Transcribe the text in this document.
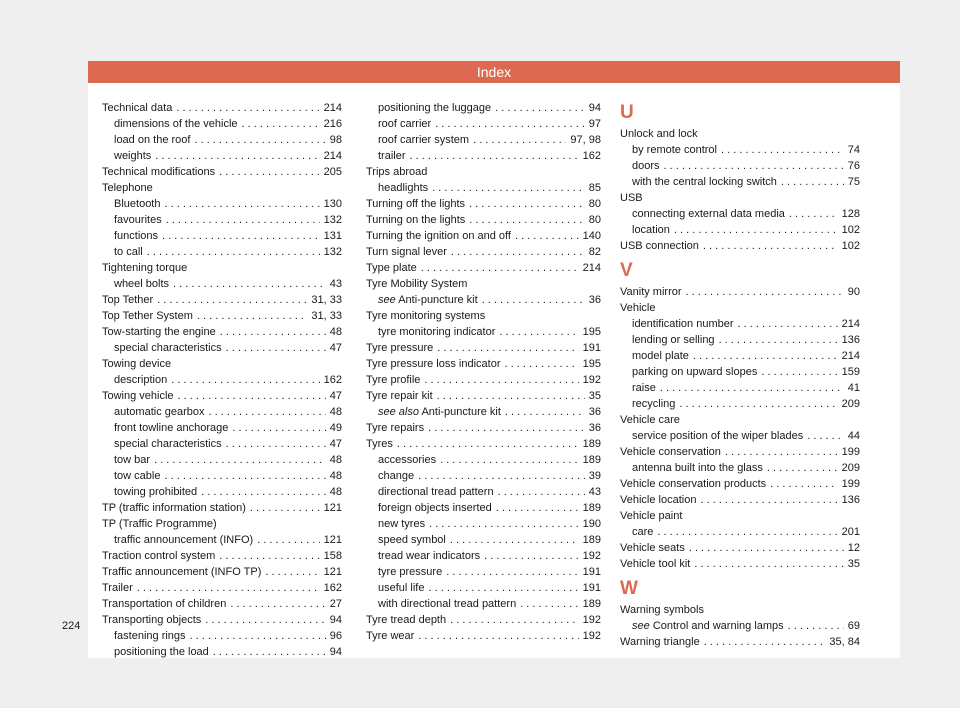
Index
Technical data . . .	214
dimensions of the vehicle . . .	216
load on the roof . . .	98
weights . . .	214
Technical modifications . . .	205
Telephone
Bluetooth . . .	130
favourites . . .	132
functions . . .	131
to call . . .	132
Tightening torque
wheel bolts . . .	43
Top Tether . . .	31, 33
Top Tether System . . .	31, 33
Tow-starting the engine . . .	48
special characteristics . . .	47
Towing device
description . . .	162
Towing vehicle . . .	47
automatic gearbox . . .	48
front towline anchorage . . .	49
special characteristics . . .	47
tow bar . . .	48
tow cable . . .	48
towing prohibited . . .	48
TP (traffic information station) . . .	121
TP (Traffic Programme)
traffic announcement (INFO) . . .	121
Traction control system . . .	158
Traffic announcement (INFO TP) . . .	121
Trailer . . .	162
Transportation of children . . .	27
Transporting objects . . .	94
fastening rings . . .	96
positioning the load . . .	94
positioning the luggage . . .	94
roof carrier . . .	97
roof carrier system . . .	97, 98
trailer . . .	162
Trips abroad
headlights . . .	85
Turning off the lights . . .	80
Turning on the lights . . .	80
Turning the ignition on and off . . .	140
Turn signal lever . . .	82
Type plate . . .	214
Tyre Mobility System
see Anti-puncture kit . . .	36
Tyre monitoring systems
tyre monitoring indicator . . .	195
Tyre pressure . . .	191
Tyre pressure loss indicator . . .	195
Tyre profile . . .	192
Tyre repair kit . . .	35
see also Anti-puncture kit . . .	36
Tyre repairs . . .	36
Tyres . . .	189
accessories . . .	189
change . . .	39
directional tread pattern . . .	43
foreign objects inserted . . .	189
new tyres . . .	190
speed symbol . . .	189
tread wear indicators . . .	192
tyre pressure . . .	191
useful life . . .	191
with directional tread pattern . . .	189
Tyre tread depth . . .	192
Tyre wear . . .	192
U
Unlock and lock
by remote control . . .	74
doors . . .	76
with the central locking switch . . .	75
USB
connecting external data media . . .	128
location . . .	102
USB connection . . .	102
V
Vanity mirror . . .	90
Vehicle
identification number . . .	214
lending or selling . . .	136
model plate . . .	214
parking on upward slopes . . .	159
raise . . .	41
recycling . . .	209
Vehicle care
service position of the wiper blades . . .	44
Vehicle conservation . . .	199
antenna built into the glass . . .	209
Vehicle conservation products . . .	199
Vehicle location . . .	136
Vehicle paint
care . . .	201
Vehicle seats . . .	12
Vehicle tool kit . . .	35
W
Warning symbols
see Control and warning lamps . . .	69
Warning triangle . . .	35, 84
224
